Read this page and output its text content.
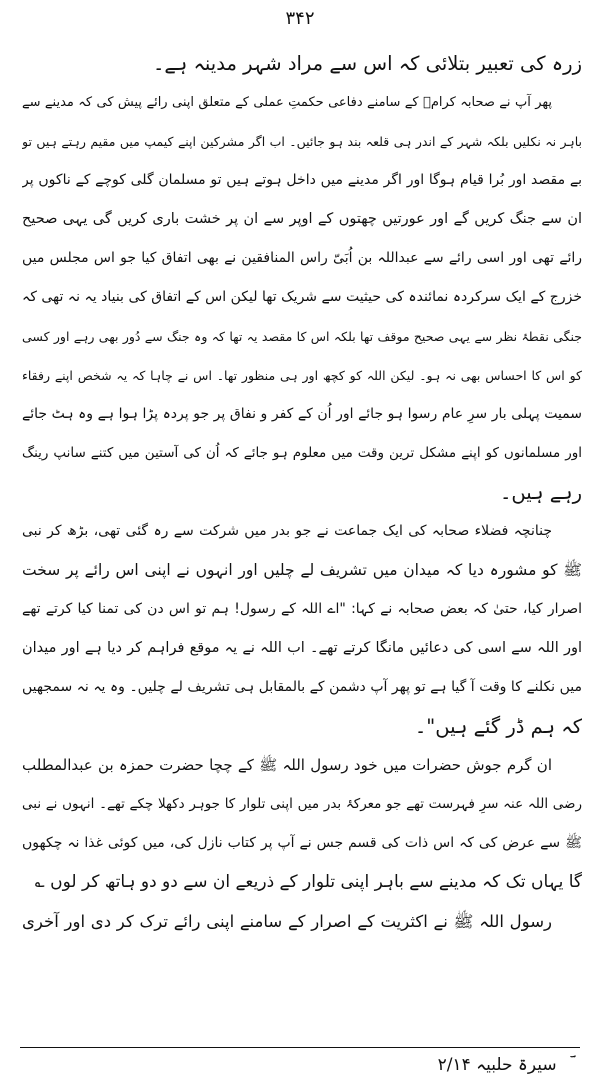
۳۴۲
زرہ کی تعبیر بتلائی کہ اس سے مراد شہر مدینہ ہے۔
پھر آپ نے صحابہ کرامؓ کے سامنے دفاعی حکمتِ عملی کے متعلق اپنی رائے پیش کی کہ مدینے سے
باہر نہ نکلیں بلکہ شہر کے اندر ہی قلعہ بند ہو جائیں۔ اب اگر مشرکین اپنے کیمپ میں مقیم رہتے ہیں تو
بے مقصد اور بُرا قیام ہوگا اور اگر مدینے میں داخل ہوتے ہیں تو مسلمان گلی کوچے کے ناکوں پر
ان سے جنگ کریں گے اور عورتیں چھتوں کے اوپر سے ان پر خشت باری کریں گی یہی صحیح
رائے تھی اور اسی رائے سے عبداللہ بن اُبَیّ راس المنافقین نے بھی اتفاق کیا جو اس مجلس میں
خزرج کے ایک سرکردہ نمائندہ کی حیثیت سے شریک تھا لیکن اس کے اتفاق کی بنیاد یہ نہ تھی کہ
جنگی نقطۂ نظر سے یہی صحیح موقف تھا بلکہ اس کا مقصد یہ تھا کہ وہ جنگ سے دُور بھی رہے اور کسی
کو اس کا احساس بھی نہ ہو۔ لیکن اللہ کو کچھ اور ہی منظور تھا۔ اس نے چاہا کہ یہ شخص اپنے رفقاء
سمیت پہلی بار سرِ عام رسوا ہو جائے اور اُن کے کفر و نفاق پر جو پردہ پڑا ہوا ہے وہ ہٹ جائے
اور مسلمانوں کو اپنے مشکل ترین وقت میں معلوم ہو جائے کہ اُن کی آستین میں کتنے سانپ رینگ
رہے ہیں۔
چنانچہ فضلاء صحابہ کی ایک جماعت نے جو بدر میں شرکت سے رہ گئی تھی، بڑھ کر نبی
ﷺ کو مشورہ دیا کہ میدان میں تشریف لے چلیں اور انہوں نے اپنی اس رائے پر سخت
اصرار کیا، حتیٰ کہ بعض صحابہ نے کہا: "اے اللہ کے رسول! ہم تو اس دن کی تمنا کیا کرتے تھے
اور اللہ سے اسی کی دعائیں مانگا کرتے تھے۔ اب اللہ نے یہ موقع فراہم کر دیا ہے اور میدان
میں نکلنے کا وقت آ گیا ہے تو پھر آپ دشمن کے بالمقابل ہی تشریف لے چلیں۔ وہ یہ نہ سمجھیں
کہ ہم ڈر گئے ہیں"۔
ان گرم جوش حضرات میں خود رسول اللہ ﷺ کے چچا حضرت حمزہ بن عبدالمطلب
رضی اللہ عنہ سرِ فہرست تھے جو معرکۂ بدر میں اپنی تلوار کا جوہر دکھلا چکے تھے۔ انہوں نے نبی
ﷺ سے عرض کی کہ اس ذات کی قسم جس نے آپ پر کتاب نازل کی، میں کوئی غذا نہ چکھوں
گا یہاں تک کہ مدینے سے باہر اپنی تلوار کے ذریعے ان سے دو دو ہاتھ کر لوں ؎
رسول اللہ ﷺ نے اکثریت کے اصرار کے سامنے اپنی رائے ترک کر دی اور آخری
سیرۃ حلبیہ ۲/۱۴
